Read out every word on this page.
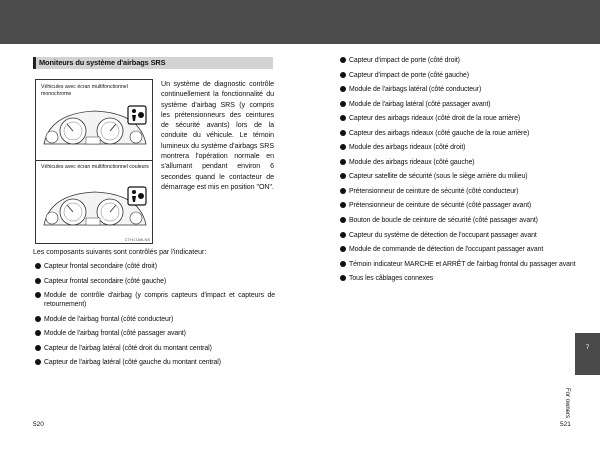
Moniteurs du système d'airbags SRS
Véhicules avec écran multifonctionnel monochrome
Véhicules avec écran multifonctionnel couleurs
CTH17A9LNS
Un système de diagnostic contrôle continuellement la fonctionnalité du système d'airbag SRS (y compris les prétensionneurs des ceintures de sécurité avants) lors de la conduite du véhicule. Le témoin lumineux du système d'airbags SRS montrera l'opération normale en s'allumant pendant environ 6 secondes quand le contacteur de démarrage est mis en position "ON".
Les composants suivants sont contrôlés par l'indicateur:
Capteur frontal secondaire (côté droit)
Capteur frontal secondaire (côté gauche)
Module de contrôle d'airbag (y compris capteurs d'impact et capteurs de retournement)
Module de l'airbag frontal (côté conducteur)
Module de l'airbag frontal (côté passager avant)
Capteur de l'airbag latéral (côté droit du montant central)
Capteur de l'airbag latéral (côté gauche du montant central)
Capteur d'impact de porte (côté droit)
Capteur d'impact de porte (côté gauche)
Module de l'airbags latéral (côté conducteur)
Module de l'airbag latéral (côté passager avant)
Capteur des airbags rideaux (côté droit de la roue arrière)
Capteur des airbags rideaux (côté gauche de la roue arrière)
Module des airbags rideaux (côté droit)
Module des airbags rideaux (côté gauche)
Capteur satellite de sécurité (sous le siège arrière du milieu)
Prétensionneur de ceinture de sécurité (côté conducteur)
Prétensionneur de ceinture de sécurité (côté passager avant)
Bouton de boucle de ceinture de sécurité (côté passager avant)
Capteur du système de détection de l'occupant passager avant
Module de commande de détection de l'occupant passager avant
Témoin indicateur MARCHE et ARRÊT de l'airbag frontal du passager avant
Tous les câblages connexes
7
For owners
520	521
